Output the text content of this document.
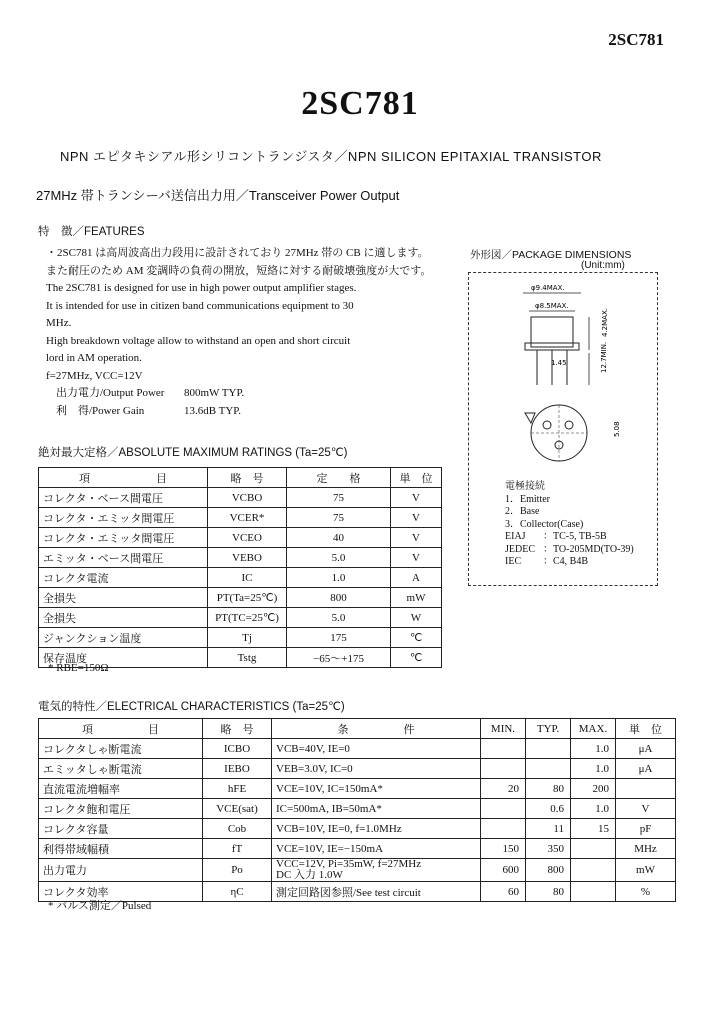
2SC781
2SC781
NPN エピタキシアル形シリコントランジスタ／NPN SILICON EPITAXIAL TRANSISTOR
27MHz 帯トランシーバ送信出力用／Transceiver Power Output
特　徴／FEATURES
・2SC781 は高周波高出力段用に設計されており 27MHz 帯の CB に適します。
また耐圧のため AM 変調時の負荷の開放，短絡に対する耐破壊強度が大です。
The 2SC781 is designed for use in high power output amplifier stages.
It is intended for use in citizen band communications equipment to 30
MHz.
High breakdown voltage allow to withstand an open and short circuit
lord in AM operation.
f=27MHz, VCC=12V
出力電力/Output Power 800mW TYP.
利　得/Power Gain	13.6dB TYP.
外形図／PACKAGE DIMENSIONS
(Unit:mm)
φ9.4MAX.
φ8.5MAX.
4.2MAX.
12.7MIN.
1.45
5.08
電極接続
1．Emitter
2．Base
3．Collector(Case)
EIAJ ：TC-5, TB-5B
JEDEC ：TO-205MD(TO-39)
IEC ：C4, B4B
絶対最大定格／ABSOLUTE MAXIMUM RATINGS (Ta=25℃)
項　　　　　　目	略　号	定　　格	単　位
コレクタ・ベース間電圧	VCBO	75	V
コレクタ・エミッタ間電圧	VCER*	75	V
コレクタ・エミッタ間電圧	VCEO	40	V
エミッタ・ベース間電圧	VEBO	5.0	V
コレクタ電流	IC	1.0	A
全損失	PT(Ta=25℃)	800	mW
全損失	PT(TC=25℃)	5.0	W
ジャンクション温度	Tj	175	℃
保存温度	Tstg	−65〜+175	℃
* RBE=150Ω
電気的特性／ELECTRICAL CHARACTERISTICS (Ta=25℃)
項　　　　　目	略　号	条　　　　　件	MIN.	TYP.	MAX.	単　位
コレクタしゃ断電流	ICBO	VCB=40V, IE=0			1.0	μA
エミッタしゃ断電流	IEBO	VEB=3.0V, IC=0			1.0	μA
直流電流増幅率	hFE	VCE=10V, IC=150mA*	20	80	200	
コレクタ飽和電圧	VCE(sat)	IC=500mA, IB=50mA*		0.6	1.0	V
コレクタ容量	Cob	VCB=10V, IE=0, f=1.0MHz		11	15	pF
利得帯域幅積	fT	VCE=10V, IE=−150mA	150	350		MHz
出力電力	Po	VCC=12V, Pi=35mW, f=27MHz
DC 入力 1.0W	600	800		mW
コレクタ効率	ηC	測定回路図参照/See test circuit	60	80		%
* パルス測定／Pulsed
